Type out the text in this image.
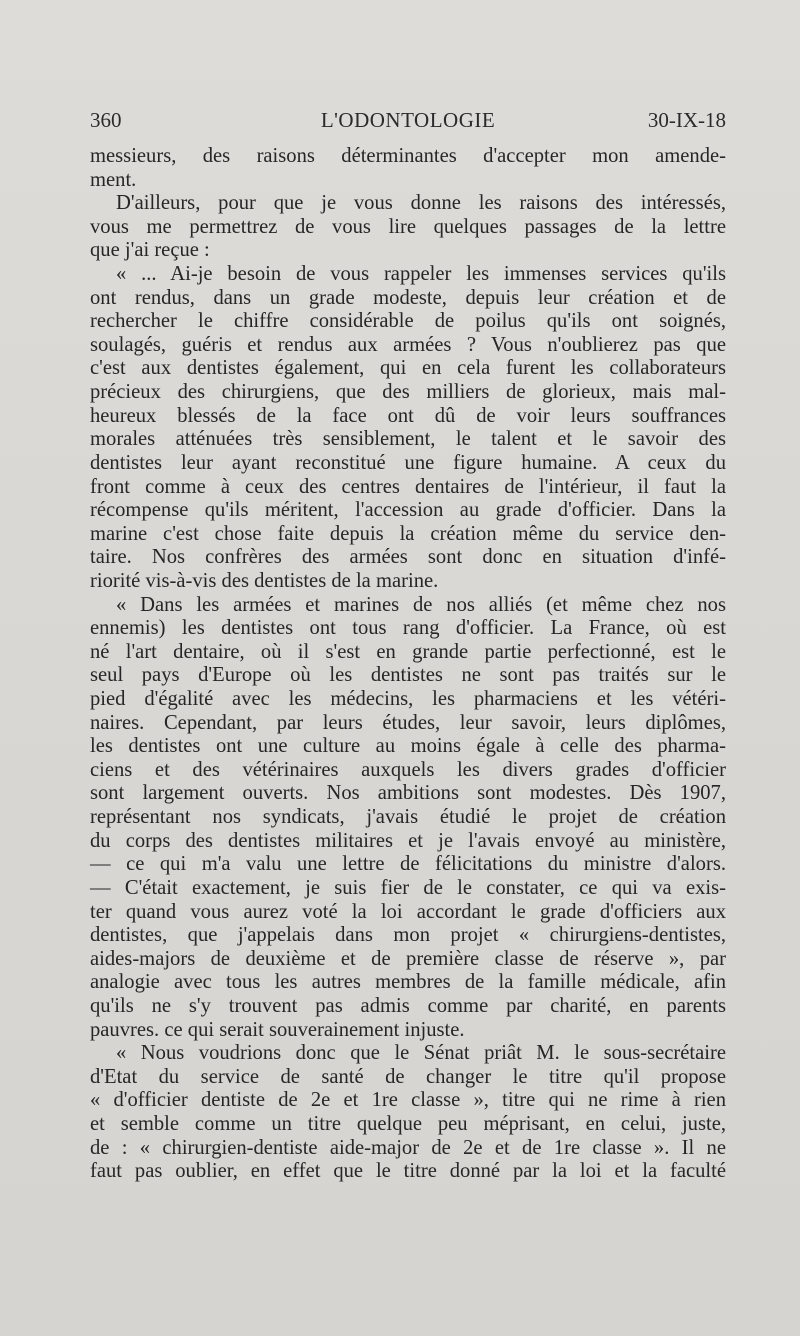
360	L'ODONTOLOGIE	30-IX-18
messieurs, des raisons déterminantes d'accepter mon amende-
ment.
D'ailleurs, pour que je vous donne les raisons des intéressés,
vous me permettrez de vous lire quelques passages de la lettre
que j'ai reçue :
« ... Ai-je besoin de vous rappeler les immenses services qu'ils
ont rendus, dans un grade modeste, depuis leur création et de
rechercher le chiffre considérable de poilus qu'ils ont soignés,
soulagés, guéris et rendus aux armées ? Vous n'oublierez pas que
c'est aux dentistes également, qui en cela furent les collaborateurs
précieux des chirurgiens, que des milliers de glorieux, mais mal-
heureux blessés de la face ont dû de voir leurs souffrances
morales atténuées très sensiblement, le talent et le savoir des
dentistes leur ayant reconstitué une figure humaine. A ceux du
front comme à ceux des centres dentaires de l'intérieur, il faut la
récompense qu'ils méritent, l'accession au grade d'officier. Dans la
marine c'est chose faite depuis la création même du service den-
taire. Nos confrères des armées sont donc en situation d'infé-
riorité vis-à-vis des dentistes de la marine.
« Dans les armées et marines de nos alliés (et même chez nos
ennemis) les dentistes ont tous rang d'officier. La France, où est
né l'art dentaire, où il s'est en grande partie perfectionné, est le
seul pays d'Europe où les dentistes ne sont pas traités sur le
pied d'égalité avec les médecins, les pharmaciens et les vétéri-
naires. Cependant, par leurs études, leur savoir, leurs diplômes,
les dentistes ont une culture au moins égale à celle des pharma-
ciens et des vétérinaires auxquels les divers grades d'officier
sont largement ouverts. Nos ambitions sont modestes. Dès 1907,
représentant nos syndicats, j'avais étudié le projet de création
du corps des dentistes militaires et je l'avais envoyé au ministère,
— ce qui m'a valu une lettre de félicitations du ministre d'alors.
— C'était exactement, je suis fier de le constater, ce qui va exis-
ter quand vous aurez voté la loi accordant le grade d'officiers aux
dentistes, que j'appelais dans mon projet « chirurgiens-dentistes,
aides-majors de deuxième et de première classe de réserve », par
analogie avec tous les autres membres de la famille médicale, afin
qu'ils ne s'y trouvent pas admis comme par charité, en parents
pauvres. ce qui serait souverainement injuste.
« Nous voudrions donc que le Sénat priât M. le sous-secrétaire
d'Etat du service de santé de changer le titre qu'il propose
« d'officier dentiste de 2e et 1re classe », titre qui ne rime à rien
et semble comme un titre quelque peu méprisant, en celui, juste,
de : « chirurgien-dentiste aide-major de 2e et de 1re classe ». Il ne
faut pas oublier, en effet que le titre donné par la loi et la faculté
